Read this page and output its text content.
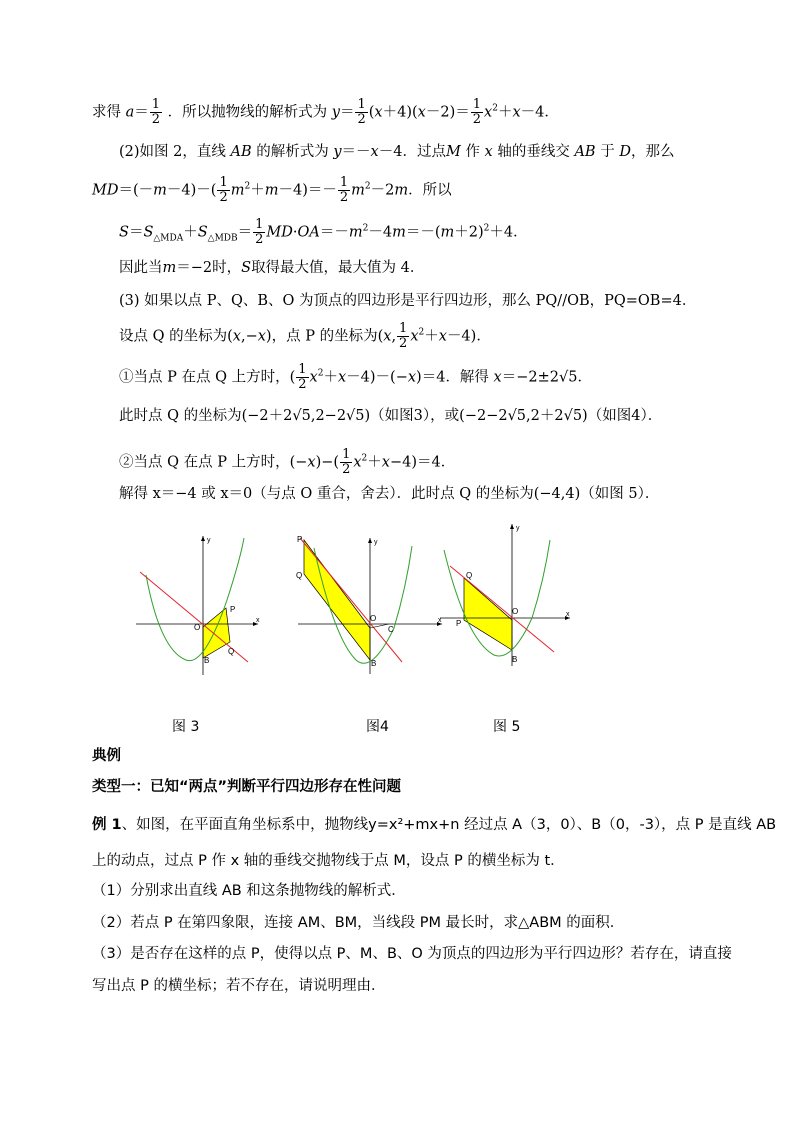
求得 $a= \frac{1}{2}$ ．所以抛物线的解析式为 $y= \frac{1}{2} (x+4)(x-2)= \frac{1}{2} x^2+x-4$．
(2)如图 2，直线 AB 的解析式为 y＝－x－4．过点M 作 x 轴的垂线交 AB 于 D，那么
$MD=(-m-4)-( \frac{1}{2} m^2+m-4)=- \frac{1}{2} m^2-2m$．所以
$S=S_{\triangle MDA}+S_{\triangle MDB}= \frac{1}{2} MD\cdot OA=-m^2-4m=-(m+2)^2+4$．
因此当m＝−2时，S取得最大值，最大值为 4．
(3) 如果以点 P、Q、B、O 为顶点的四边形是平行四边形，那么 PQ//OB，PQ=OB=4．
设点 Q 的坐标为(x,−x)，点 P 的坐标为(x, $\frac{1}{2} x^2+x-4$)．
①当点 P 在点 Q 上方时，( $\frac{1}{2} x^2+x-4)-(-x)=4$．解得 x＝−2±2√5．
此时点 Q 的坐标为(−2＋2√5,2−2√5)（如图3），或(−2−2√5,2＋2√5)（如图4）．
②当点 Q 在点 P 上方时，$(-x)-( \frac{1}{2} x^2+x-4)=4$．
解得 x＝−4 或 x＝0（与点 O 重合，舍去）．此时点 Q 的坐标为(−4,4)（如图 5）．
x
y
O
P
Q
B
x
y
P
Q
O
C
B
x
y
Q
O
P
B
图 3	图4	图 5
典例
类型一：已知“两点”判断平行四边形存在性问题
例 1、如图，在平面直角坐标系中，抛物线y=x²+mx+n 经过点 A（3，0）、B（0，-3），点 P 是直线 AB
上的动点，过点 P 作 x 轴的垂线交抛物线于点 M，设点 P 的横坐标为 t．
（1）分别求出直线 AB 和这条抛物线的解析式．
（2）若点 P 在第四象限，连接 AM、BM，当线段 PM 最长时，求△ABM 的面积．
（3）是否存在这样的点 P，使得以点 P、M、B、O 为顶点的四边形为平行四边形？若存在，请直接
写出点 P 的横坐标；若不存在，请说明理由．
